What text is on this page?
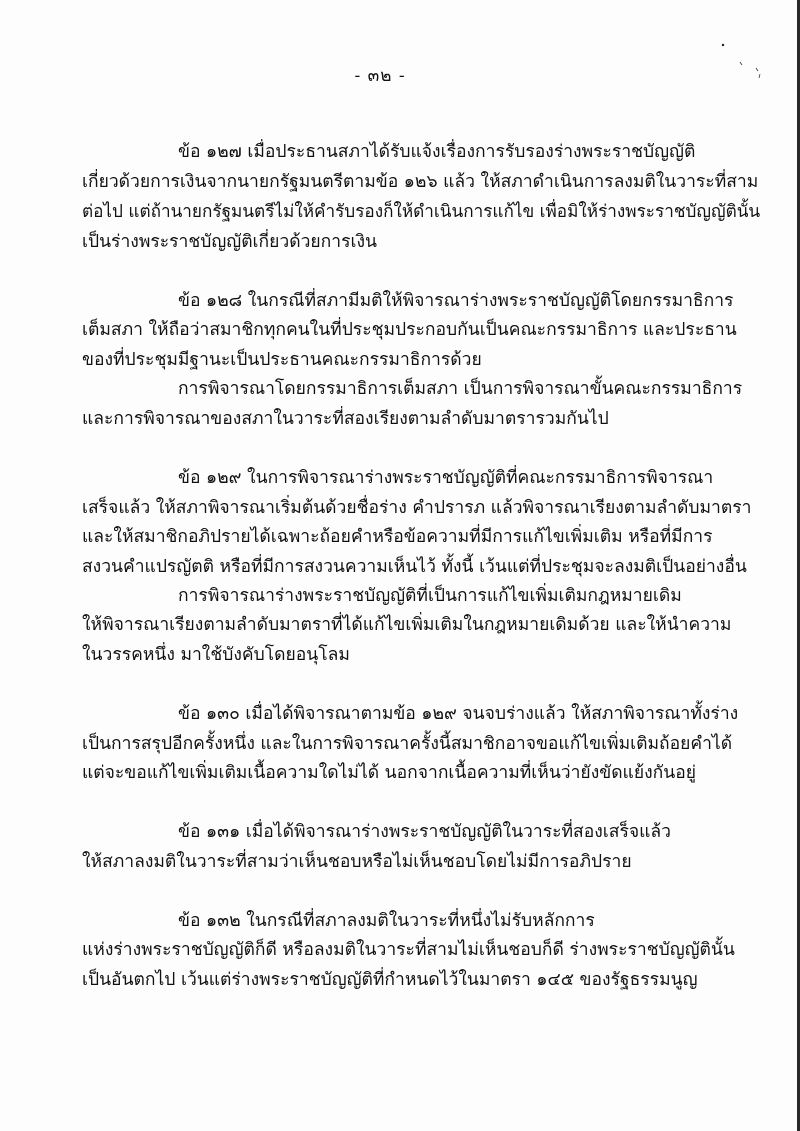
- ๓๒ -
ข้อ ๑๒๗ เมื่อประธานสภาได้รับแจ้งเรื่องการรับรองร่างพระราชบัญญัติ
เกี่ยวด้วยการเงินจากนายกรัฐมนตรีตามข้อ ๑๒๖ แล้ว ให้สภาดำเนินการลงมติในวาระที่สาม
ต่อไป แต่ถ้านายกรัฐมนตรีไม่ให้คำรับรองก็ให้ดำเนินการแก้ไข เพื่อมิให้ร่างพระราชบัญญัตินั้น
เป็นร่างพระราชบัญญัติเกี่ยวด้วยการเงิน
ข้อ ๑๒๘ ในกรณีที่สภามีมติให้พิจารณาร่างพระราชบัญญัติโดยกรรมาธิการ
เต็มสภา ให้ถือว่าสมาชิกทุกคนในที่ประชุมประกอบกันเป็นคณะกรรมาธิการ และประธาน
ของที่ประชุมมีฐานะเป็นประธานคณะกรรมาธิการด้วย
การพิจารณาโดยกรรมาธิการเต็มสภา เป็นการพิจารณาขั้นคณะกรรมาธิการ
และการพิจารณาของสภาในวาระที่สองเรียงตามลำดับมาตรารวมกันไป
ข้อ ๑๒๙ ในการพิจารณาร่างพระราชบัญญัติที่คณะกรรมาธิการพิจารณา
เสร็จแล้ว ให้สภาพิจารณาเริ่มต้นด้วยชื่อร่าง คำปรารภ แล้วพิจารณาเรียงตามลำดับมาตรา
และให้สมาชิกอภิปรายได้เฉพาะถ้อยคำหรือข้อความที่มีการแก้ไขเพิ่มเติม หรือที่มีการ
สงวนคำแปรญัตติ หรือที่มีการสงวนความเห็นไว้ ทั้งนี้ เว้นแต่ที่ประชุมจะลงมติเป็นอย่างอื่น
การพิจารณาร่างพระราชบัญญัติที่เป็นการแก้ไขเพิ่มเติมกฎหมายเดิม
ให้พิจารณาเรียงตามลำดับมาตราที่ได้แก้ไขเพิ่มเติมในกฎหมายเดิมด้วย และให้นำความ
ในวรรคหนึ่ง มาใช้บังคับโดยอนุโลม
ข้อ ๑๓๐ เมื่อได้พิจารณาตามข้อ ๑๒๙ จนจบร่างแล้ว ให้สภาพิจารณาทั้งร่าง
เป็นการสรุปอีกครั้งหนึ่ง และในการพิจารณาครั้งนี้สมาชิกอาจขอแก้ไขเพิ่มเติมถ้อยคำได้
แต่จะขอแก้ไขเพิ่มเติมเนื้อความใดไม่ได้ นอกจากเนื้อความที่เห็นว่ายังขัดแย้งกันอยู่
ข้อ ๑๓๑ เมื่อได้พิจารณาร่างพระราชบัญญัติในวาระที่สองเสร็จแล้ว
ให้สภาลงมติในวาระที่สามว่าเห็นชอบหรือไม่เห็นชอบโดยไม่มีการอภิปราย
ข้อ ๑๓๒ ในกรณีที่สภาลงมติในวาระที่หนึ่งไม่รับหลักการ
แห่งร่างพระราชบัญญัติก็ดี หรือลงมติในวาระที่สามไม่เห็นชอบก็ดี ร่างพระราชบัญญัตินั้น
เป็นอันตกไป เว้นแต่ร่างพระราชบัญญัติที่กำหนดไว้ในมาตรา ๑๔๕ ของรัฐธรรมนูญ
